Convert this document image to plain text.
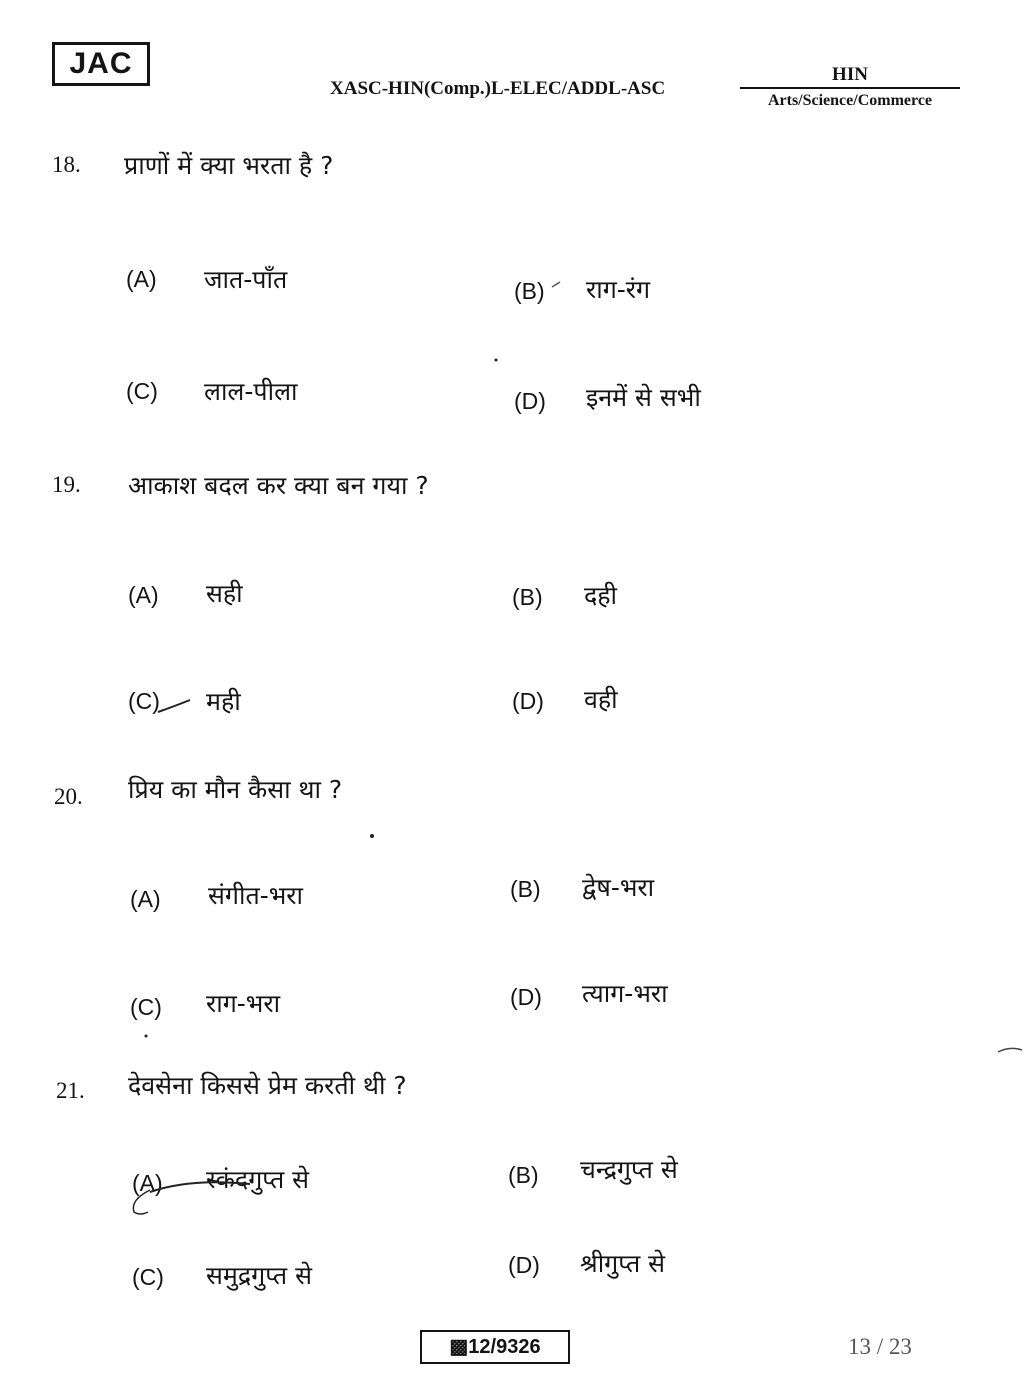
JAC
XASC-HIN(Comp.)L-ELEC/ADDL-ASC
HIN
Arts/Science/Commerce
18. प्राणों में क्या भरता है ?
(A) जात-पाँत	(B) राग-रंग
(C) लाल-पीला	(D) इनमें से सभी
19. आकाश बदल कर क्या बन गया ?
(A) सही	(B) दही
(C) मही	(D) वही
20. प्रिय का मौन कैसा था ?
(A) संगीत-भरा	(B) द्वेष-भरा
(C) राग-भरा	(D) त्याग-भरा
21. देवसेना किससे प्रेम करती थी ?
(A) स्कंदगुप्त से	(B) चन्द्रगुप्त से
(C) समुद्रगुप्त से	(D) श्रीगुप्त से
▩12/9326	13 / 23
